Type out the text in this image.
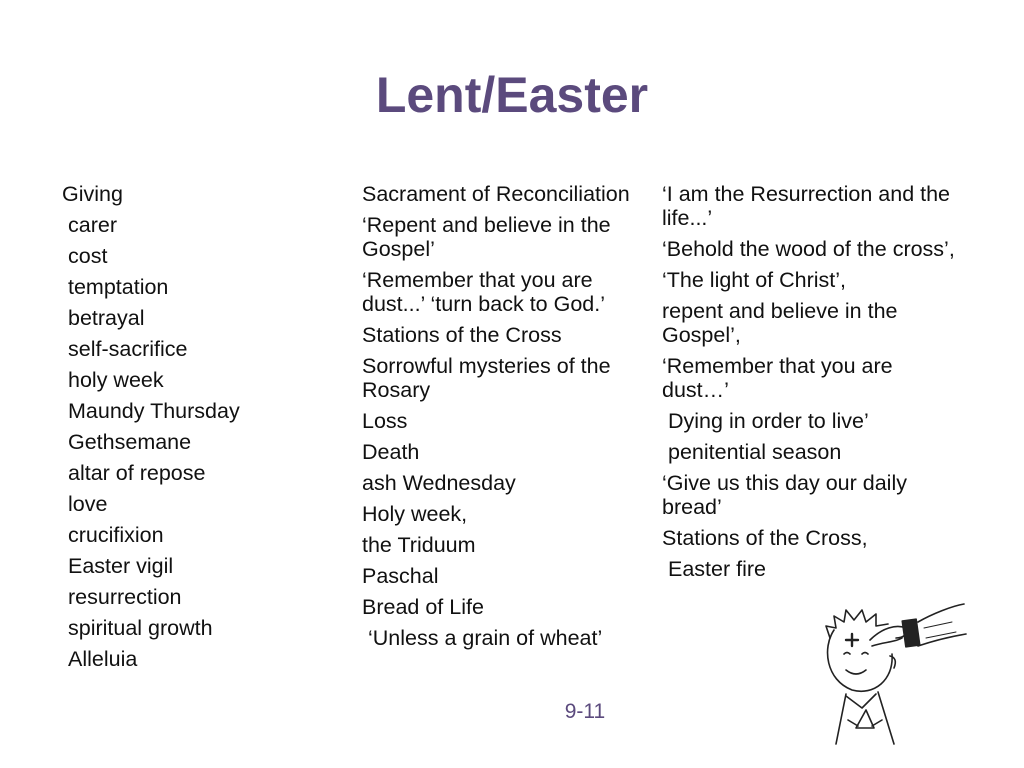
Lent/Easter
Giving
carer
cost
temptation
betrayal
self-sacrifice
holy week
Maundy Thursday
Gethsemane
altar of repose
love
crucifixion
Easter vigil
resurrection
spiritual growth
Alleluia
Sacrament of Reconciliation
‘Repent and believe in the Gospel’
‘Remember that you are dust...’ ‘turn back to God.’
Stations of the Cross
Sorrowful mysteries of the Rosary
Loss
Death
ash Wednesday
Holy week,
the Triduum
Paschal
Bread of Life
‘Unless a grain of wheat’
‘I am the Resurrection and the life...’
‘Behold the wood of the cross’,
‘The light of Christ’,
repent and believe in the Gospel’,
‘Remember that you are dust…’
Dying in order to live’
penitential season
‘Give us this day our daily bread’
Stations of the Cross,
Easter fire
9-11
